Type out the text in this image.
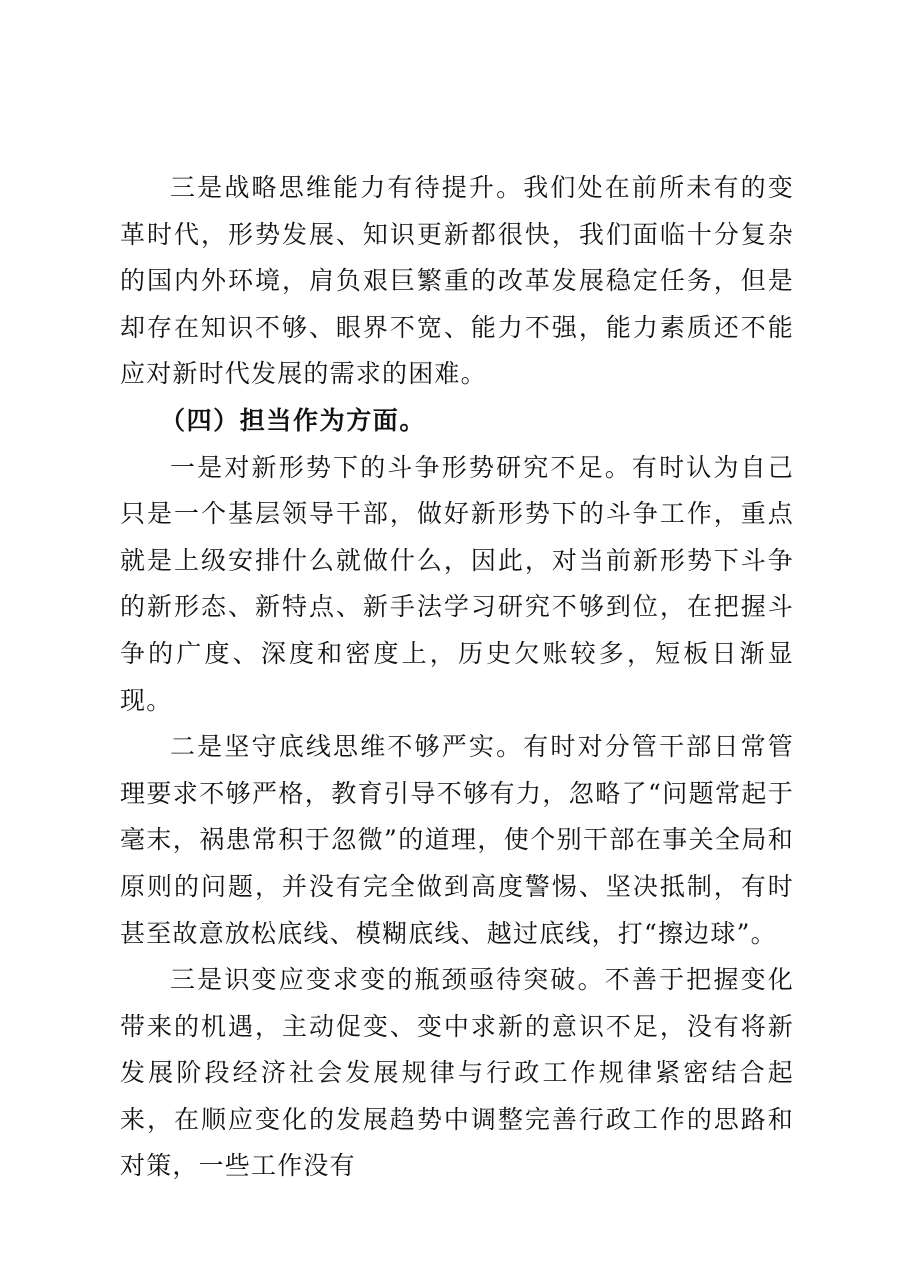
三是战略思维能力有待提升。我们处在前所未有的变革时代，形势发展、知识更新都很快，我们面临十分复杂的国内外环境，肩负艰巨繁重的改革发展稳定任务，但是却存在知识不够、眼界不宽、能力不强，能力素质还不能应对新时代发展的需求的困难。

（四）担当作为方面。

一是对新形势下的斗争形势研究不足。有时认为自己只是一个基层领导干部，做好新形势下的斗争工作，重点就是上级安排什么就做什么，因此，对当前新形势下斗争的新形态、新特点、新手法学习研究不够到位，在把握斗争的广度、深度和密度上，历史欠账较多，短板日渐显现。

二是坚守底线思维不够严实。有时对分管干部日常管理要求不够严格，教育引导不够有力，忽略了“问题常起于毫末，祸患常积于忽微”的道理，使个别干部在事关全局和原则的问题，并没有完全做到高度警惕、坚决抵制，有时甚至故意放松底线、模糊底线、越过底线，打“擦边球”。

三是识变应变求变的瓶颈亟待突破。不善于把握变化带来的机遇，主动促变、变中求新的意识不足，没有将新发展阶段经济社会发展规律与行政工作规律紧密结合起来，在顺应变化的发展趋势中调整完善行政工作的思路和对策，一些工作没有
